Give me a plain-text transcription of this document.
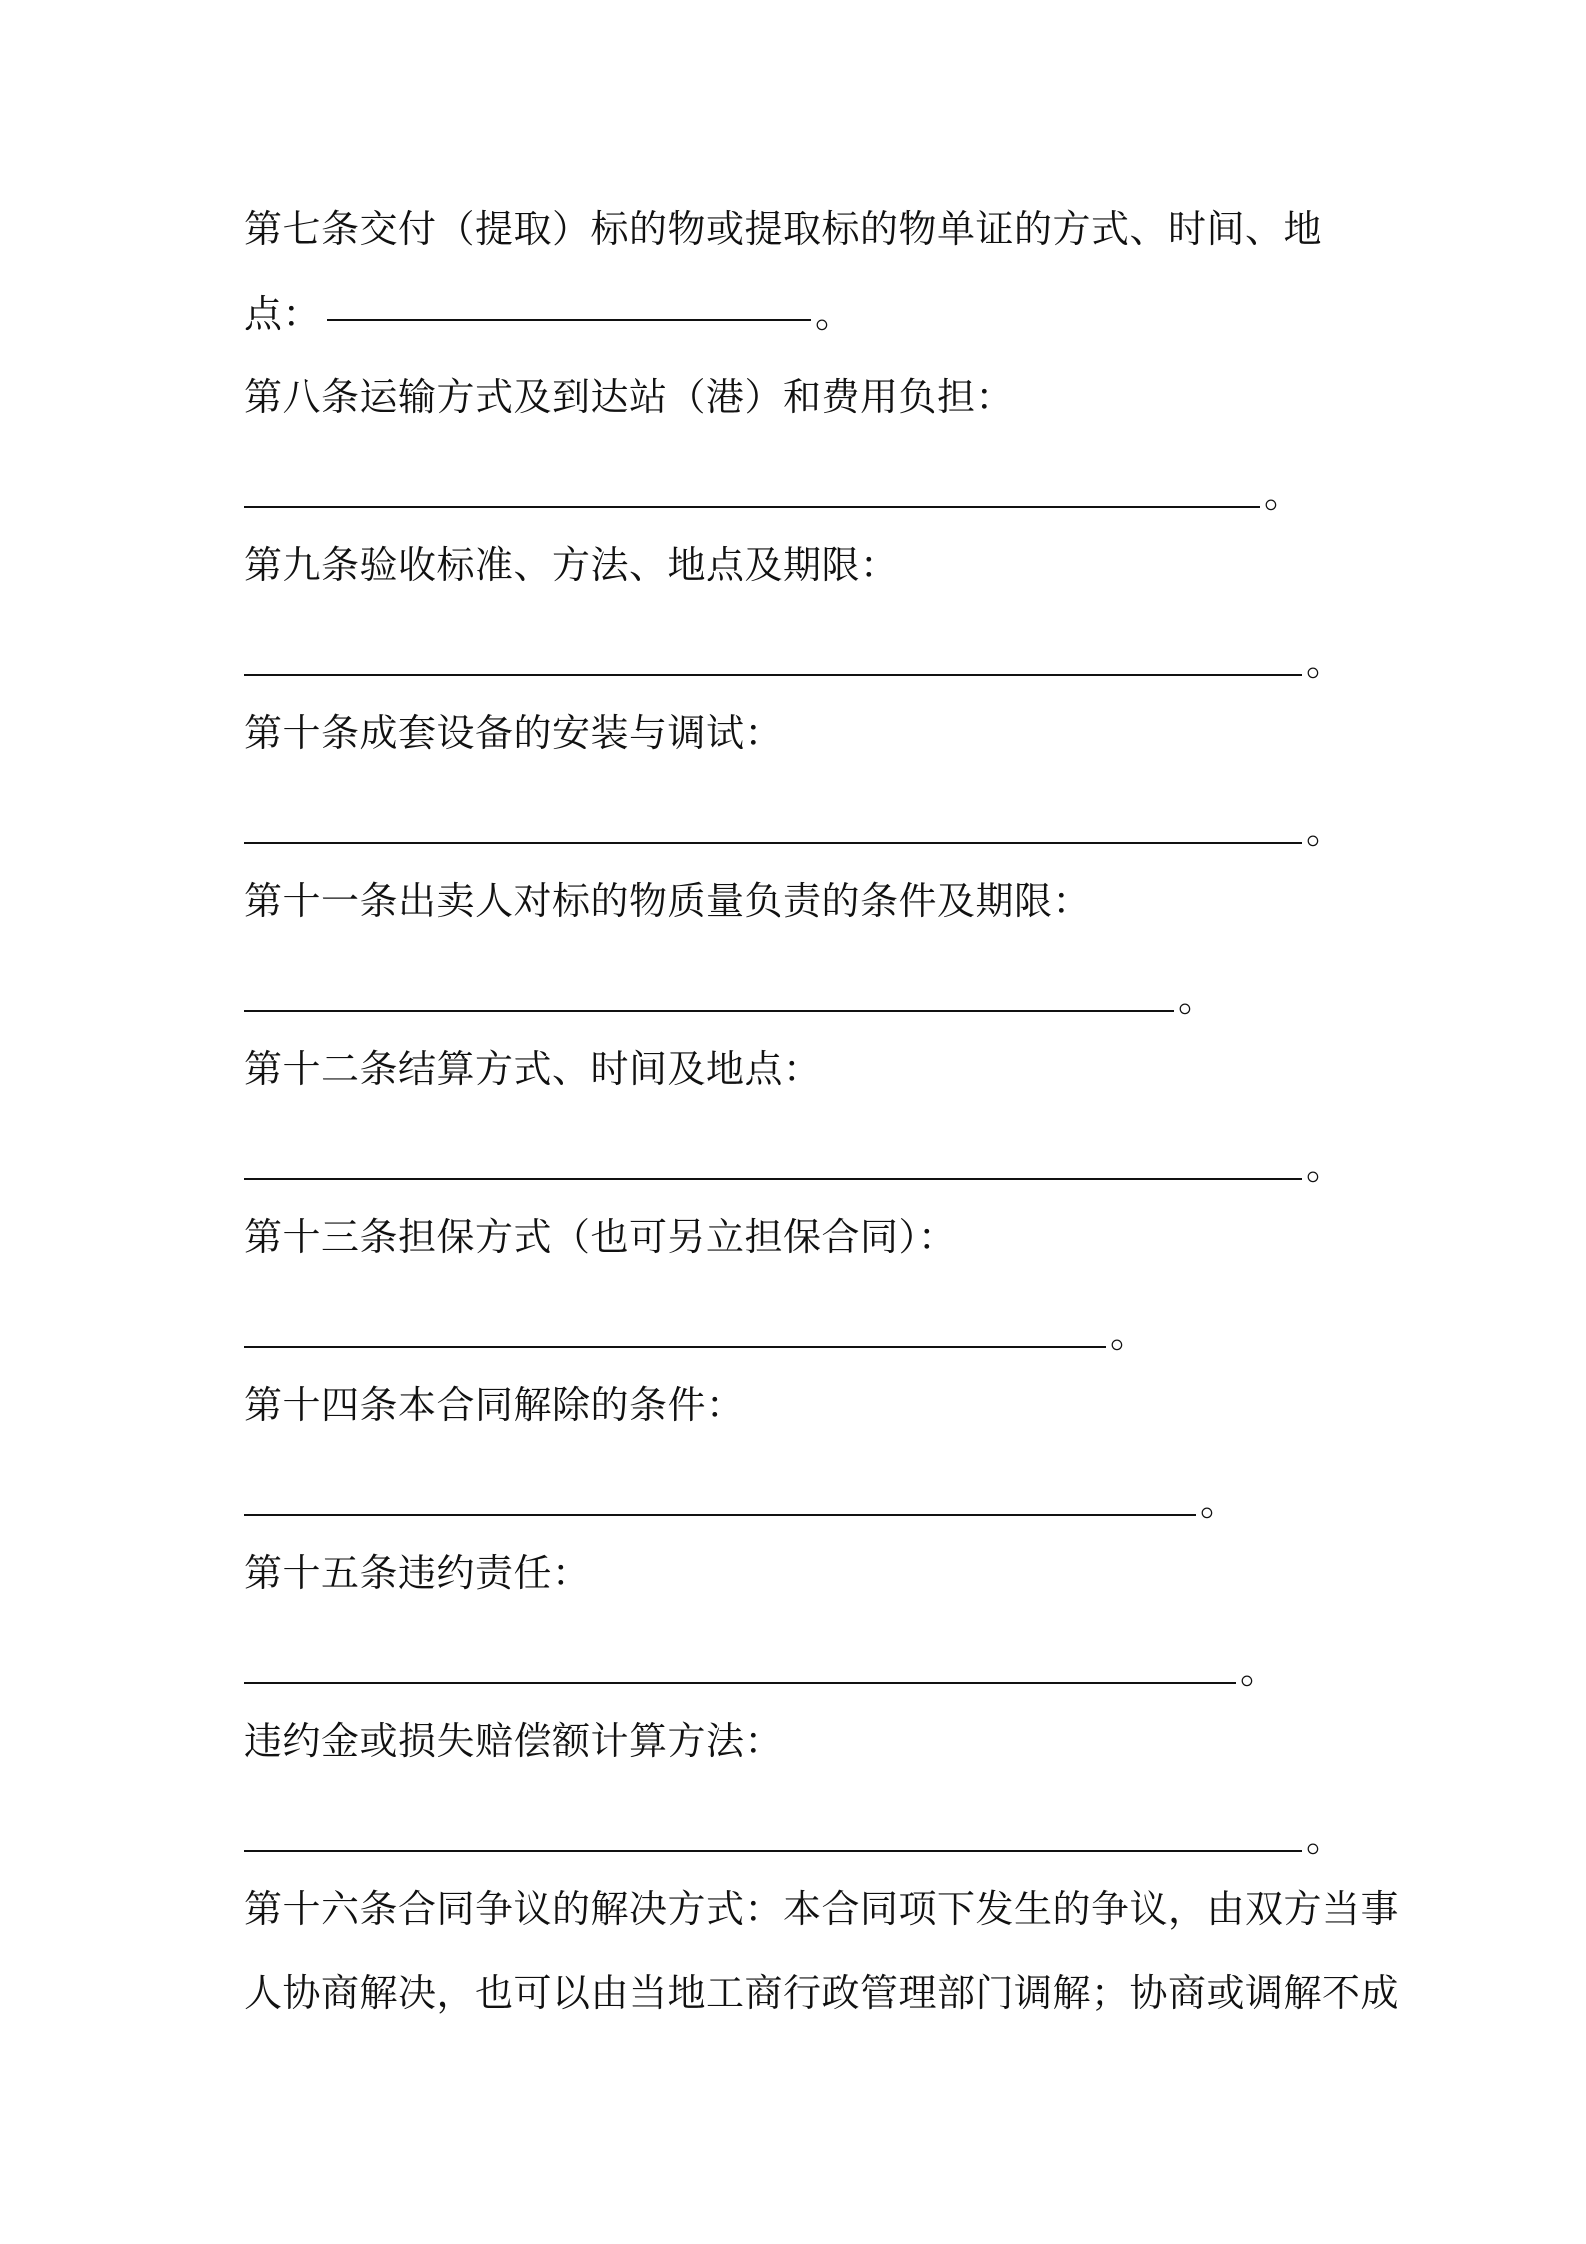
第七条交付（提取）标的物或提取标的物单证的方式、时间、地
点：	。
第八条运输方式及到达站（港）和费用负担：
。
第九条验收标准、方法、地点及期限：
。
第十条成套设备的安装与调试：
。
第十一条出卖人对标的物质量负责的条件及期限：
。
第十二条结算方式、时间及地点：
。
第十三条担保方式（也可另立担保合同）：
。
第十四条本合同解除的条件：
。
第十五条违约责任：
。
违约金或损失赔偿额计算方法：
。
第十六条合同争议的解决方式：本合同项下发生的争议，由双方当事
人协商解决，也可以由当地工商行政管理部门调解；协商或调解不成
